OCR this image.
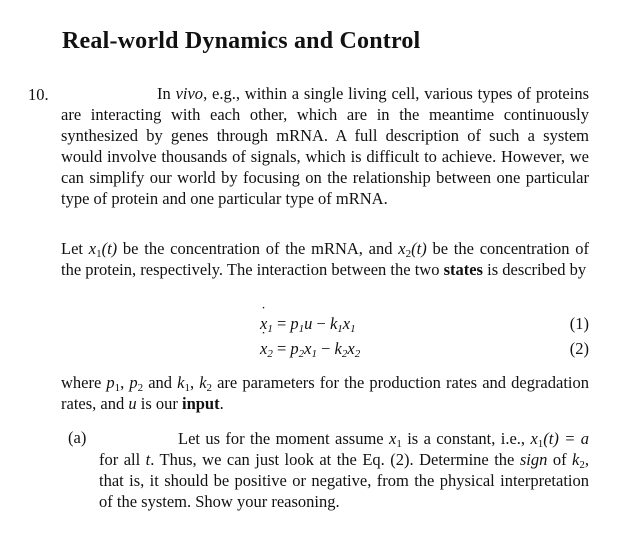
Real-world Dynamics and Control
10.	In vivo, e.g., within a single living cell, various types of proteins are interacting with each other, which are in the meantime continuously synthesized by genes through mRNA. A full description of such a system would involve thousands of signals, which is difficult to achieve. However, we can simplify our world by focusing on the relationship between one particular type of protein and one particular type of mRNA.

Let $x_1(t)$ be the concentration of the mRNA, and $x_2(t)$ be the concentration of the protein, respectively. The interaction between the two states is described by

˙ $x_1 = p_1u - k_1x_1$	(1)
˙ $x_2 = p_2x_1 - k_2x_2$	(2)

where $p_1$, $p_2$ and $k_1$, $k_2$ are parameters for the production rates and degradation rates, and u is our input.

(a)	Let us for the moment assume $x_1$ is a constant, i.e., $x_1(t) = a$ for all t. Thus, we can just look at the Eq. (2). Determine the sign of $k_2$, that is, it should be positive or negative, from the physical interpretation of the system. Show your reasoning.
